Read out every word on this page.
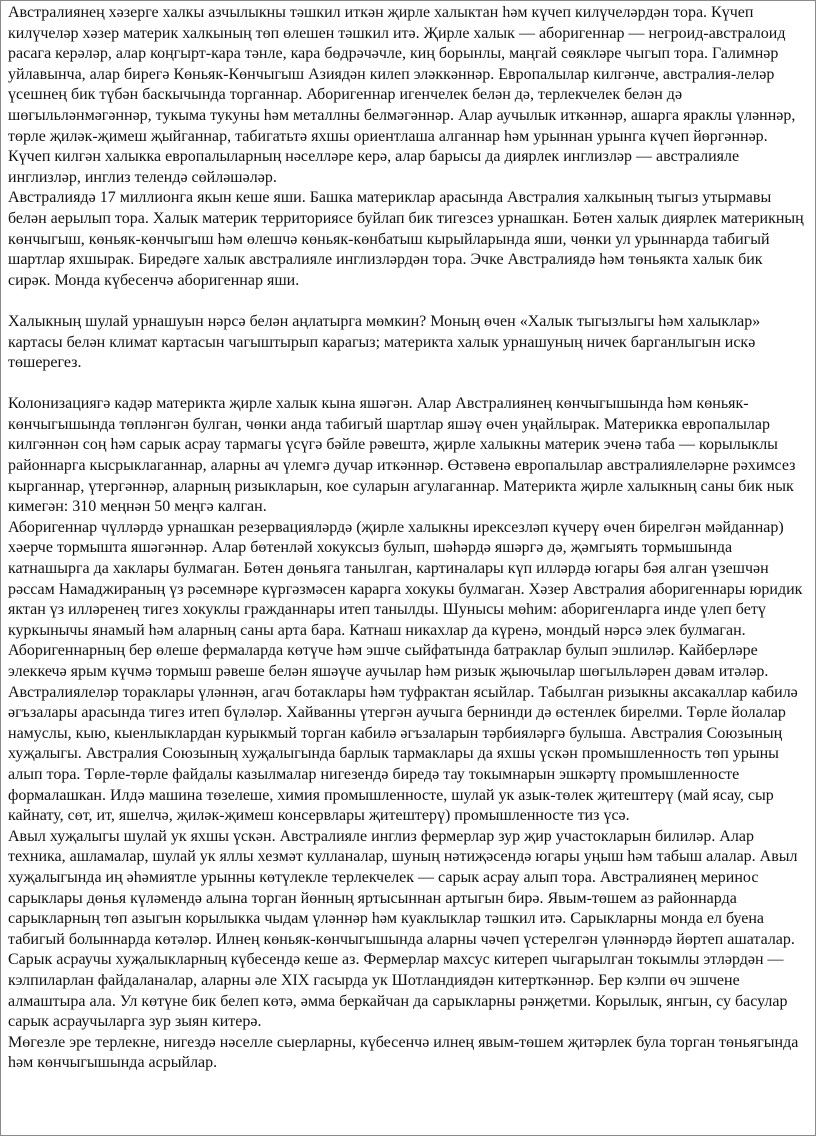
Австралиянең хәзерге халкы азчылыкны тәшкил иткән җирле халыктан һәм күчеп килүчеләрдән тора. Күчеп килүчеләр хәзер материк халкының төп өлешен тәшкил итә. Җирле халык — аборигеннар — негроид-австралоид расага керәләр, алар коңгырт-кара тәнле, кара бөдрәчәчле, киң борынлы, маңгай сөякләре чыгып тора. Галимнәр уйлавынча, алар бирегә Көньяк-Көнчыгыш Азиядән килеп эләккәннәр. Европалылар килгәнче, австралия-леләр үсешнең бик түбән баскычында торганнар. Аборигеннар игенчелек белән дә, терлекчелек белән дә шөгыльләнмәгәннәр, тукыма тукуны һәм металлны белмәгәннәр. Алар аучылык иткәннәр, ашарга яраклы үләннәр, төрле җиләк-җимеш җыйганнар, табигатьтә яхшы ориентлаша алганнар һәм урыннан урынга күчеп йөргәннәр.

Күчеп килгән халыкка европалыларның нәселләре керә, алар барысы да диярлек инглизләр — австралияле инглизләр, инглиз телендә сөйләшәләр.

Австралиядә 17 миллионга якын кеше яши. Башка материклар арасында Австралия халкының тыгыз утырмавы белән аерылып тора. Халык материк территориясе буйлап бик тигезсез урнашкан. Бөтен халык диярлек материкның көнчыгыш, көньяк-көнчыгыш һәм өлешчә көньяк-көнбатыш кырыйларында яши, чөнки ул урыннарда табигый шартлар яхшырак. Биредәге халык австралияле инглизләрдән тора. Эчке Австралиядә һәм төньякта халык бик сирәк. Монда күбесенчә аборигеннар яши.

Халыкның шулай урнашуын нәрсә белән аңлатырга мөмкин? Моның өчен «Халык тыгызлыгы һәм халыклар» картасы белән климат картасын чагыштырып карагыз; материкта халык урнашуның ничек барганлыгын искә төшерегез.

Колонизациягә кадәр материкта җирле халык кына яшәгән. Алар Австралиянең көнчыгышында һәм көньяк-көнчыгышында төпләнгән булган, чөнки анда табигый шартлар яшәү өчен уңайлырак. Материкка европалылар килгәннән соң һәм сарык асрау тармагы үсүгә бәйле рәвештә, җирле халыкны материк эченә таба — корылыклы районнарга кысрыклаганнар, аларны ач үлемгә дучар иткәннәр. Өстәвенә европалылар австралиялеләрне рәхимсез кырганнар, үтергәннәр, аларның ризыкларын, кое суларын агулаганнар. Материкта җирле халыкның саны бик нык кимегән: 310 меңнән 50 меңгә калган.

Аборигеннар чүлләрдә урнашкан резервацияләрдә (җирле халыкны ирексезләп күчерү өчен бирелгән мәйданнар) хәерче тормышта яшәгәннәр. Алар бөтенләй хокуксыз булып, шәһәрдә яшәргә дә, җәмгыять тормышында катнашырга да хаклары булмаган. Бөтен дөньяга танылган, картиналары күп илләрдә югары бәя алган үзешчән рәссам Намаджираның үз рәсемнәре күргәзмәсен карарга хокукы булмаган. Хәзер Австралия аборигеннары юридик яктан үз илләренең тигез хокуклы гражданнары итеп танылды. Шунысы мөһим: аборигенларга инде үлеп бетү куркынычы янамый һәм аларның саны арта бара. Катнаш никахлар да күренә, мондый нәрсә элек булмаган. Аборигеннарның бер өлеше фермаларда көтүче һәм эшче сыйфатында батраклар булып эшлиләр. Кайберләре элеккечә ярым күчмә тормыш рәвеше белән яшәүче аучылар һәм ризык җыючылар шөгыльләрен дәвам итәләр. Австралиялеләр тораклары үләннән, агач ботаклары һәм туфрактан ясыйлар. Табылган ризыкны аксакаллар кабилә әгъзалары арасында тигез итеп бүләләр. Хайванны үтергән аучыга бернинди дә өстенлек бирелми. Төрле йолалар намуслы, кыю, кыенлыклардан курыкмый торган кабилә әгъзаларын тәрбияләргә булыша. Австралия Союзының хуҗалыгы. Австралия Союзының хуҗалыгында барлык тармаклары да яхшы үскән промышленность төп урыны алып тора. Төрле-төрле файдалы казылмалар нигезендә биредә тау токымнарын эшкәртү промышленносте формалашкан. Илдә машина төзелеше, химия промышленносте, шулай ук азык-төлек җитештерү (май ясау, сыр кайнату, сөт, ит, яшелчә, җиләк-җимеш консервлары җитештерү) промышленносте тиз үсә.

Авыл хуҗалыгы шулай ук яхшы үскән. Австралияле инглиз фермерлар зур җир участокларын билиләр. Алар техника, ашламалар, шулай ук яллы хезмәт кулланалар, шуның нәтиҗәсендә югары уңыш һәм табыш алалар. Авыл хуҗалыгында иң әһәмиятле урынны көтүлекле терлекчелек — сарык асрау алып тора. Австралиянең меринос сарыклары дөнья күләмендә алына торган йөнның яртысыннан артыгын бирә. Явым-төшем аз районнарда

сарыкларның төп азыгын корылыкка чыдам үләннәр һәм куаклыклар тәшкил итә. Сарыкларны монда ел буена табигый болыннарда көтәләр. Илнең көньяк-көнчыгышында аларны чәчеп үстерелгән үләннәрдә йөртеп ашаталар.

Сарык асраучы хуҗалыкларның күбесендә кеше аз. Фермерлар махсус китереп чыгарылган токымлы этләрдән — кэлпиларлан файдаланалар, аларны әле XIX гасырда ук Шотландиядән китерткәннәр. Бер кэлпи өч эшчене алмаштыра ала. Ул көтүне бик белеп көтә, әмма беркайчан да сарыкларны рәнҗетми. Корылык, янгын, су басулар сарык асраучыларга зур зыян китерә.

Мөгезле эре терлекне, нигездә нәселле сыерларны, күбесенчә илнең явым-төшем җитәрлек була торган төньягында һәм көнчыгышында асрыйлар.
